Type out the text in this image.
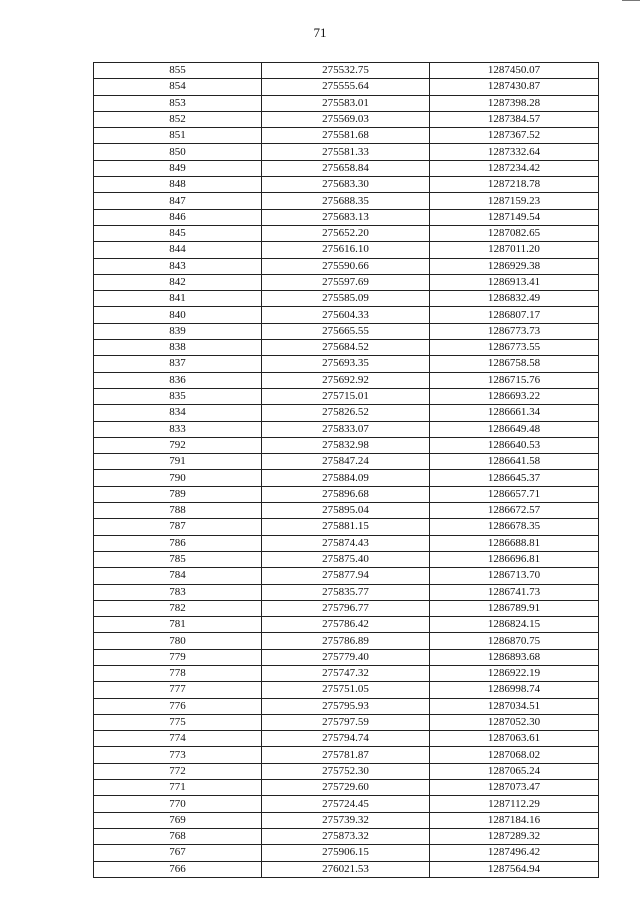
71
855	275532.75	1287450.07
854	275555.64	1287430.87
853	275583.01	1287398.28
852	275569.03	1287384.57
851	275581.68	1287367.52
850	275581.33	1287332.64
849	275658.84	1287234.42
848	275683.30	1287218.78
847	275688.35	1287159.23
846	275683.13	1287149.54
845	275652.20	1287082.65
844	275616.10	1287011.20
843	275590.66	1286929.38
842	275597.69	1286913.41
841	275585.09	1286832.49
840	275604.33	1286807.17
839	275665.55	1286773.73
838	275684.52	1286773.55
837	275693.35	1286758.58
836	275692.92	1286715.76
835	275715.01	1286693.22
834	275826.52	1286661.34
833	275833.07	1286649.48
792	275832.98	1286640.53
791	275847.24	1286641.58
790	275884.09	1286645.37
789	275896.68	1286657.71
788	275895.04	1286672.57
787	275881.15	1286678.35
786	275874.43	1286688.81
785	275875.40	1286696.81
784	275877.94	1286713.70
783	275835.77	1286741.73
782	275796.77	1286789.91
781	275786.42	1286824.15
780	275786.89	1286870.75
779	275779.40	1286893.68
778	275747.32	1286922.19
777	275751.05	1286998.74
776	275795.93	1287034.51
775	275797.59	1287052.30
774	275794.74	1287063.61
773	275781.87	1287068.02
772	275752.30	1287065.24
771	275729.60	1287073.47
770	275724.45	1287112.29
769	275739.32	1287184.16
768	275873.32	1287289.32
767	275906.15	1287496.42
766	276021.53	1287564.94
